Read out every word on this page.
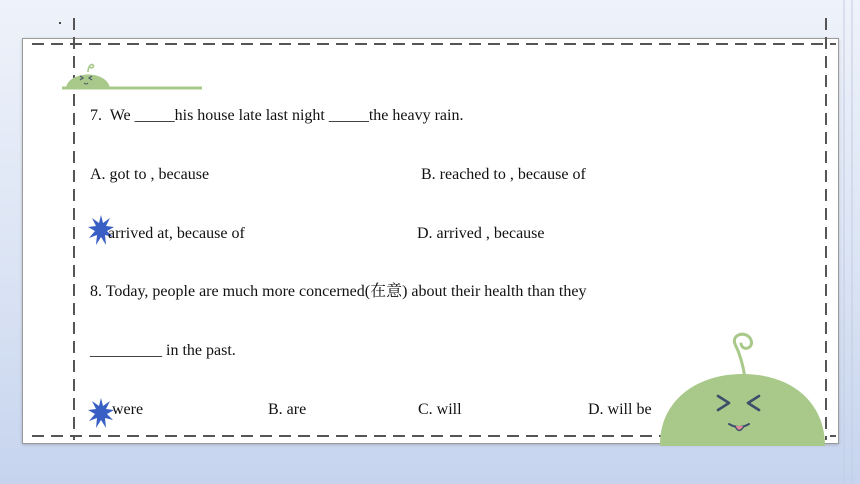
7.  We _____his house late last night _____the heavy rain.
A. got to , because	B. reached to , because of
arrived at, because of	D. arrived , because
8. Today, people are much more concerned(在意) about their health than they
_________ in the past.
were	B. are	C. will	D. will be
